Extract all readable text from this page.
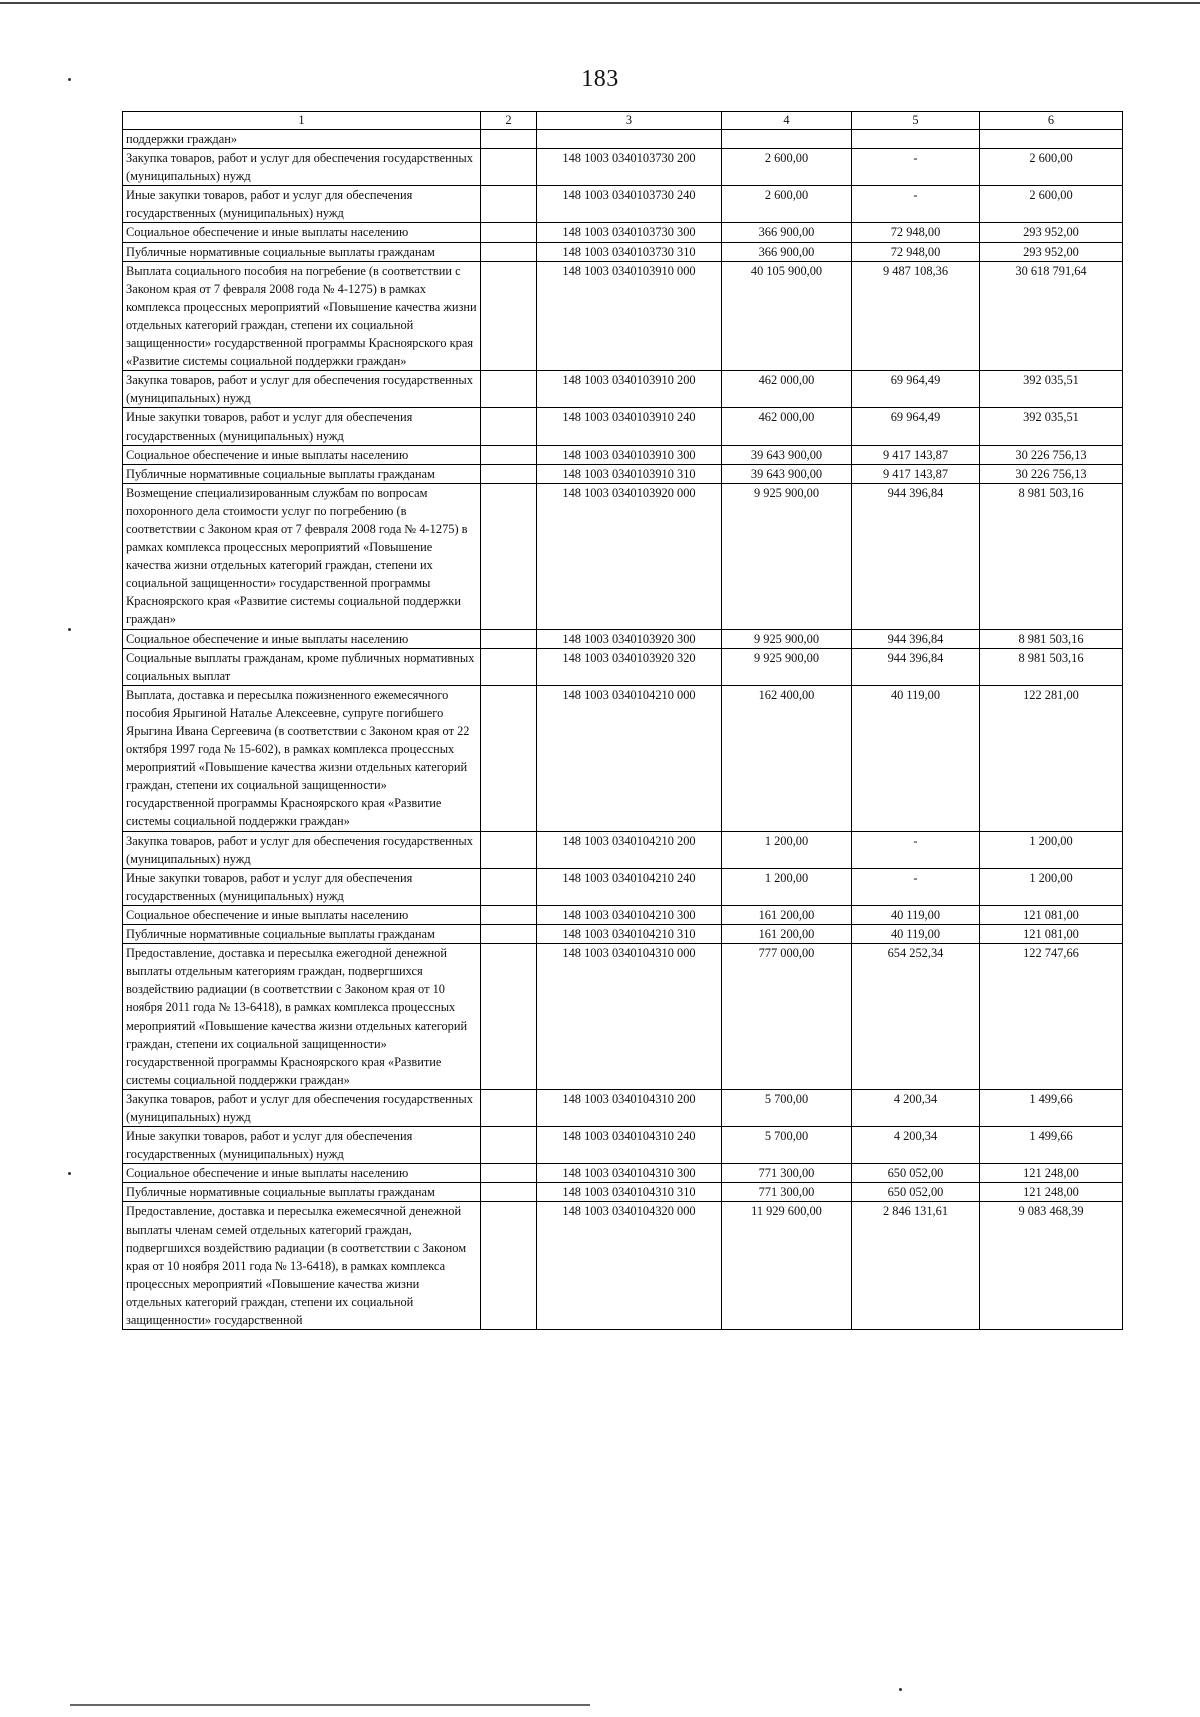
183
1	2	3	4	5	6
поддержки граждан»					
Закупка товаров, работ и услуг для обеспечения государственных (муниципальных) нужд		148 1003 0340103730 200	2 600,00	-	2 600,00
Иные закупки товаров, работ и услуг для обеспечения государственных (муниципальных) нужд		148 1003 0340103730 240	2 600,00	-	2 600,00
Социальное обеспечение и иные выплаты населению		148 1003 0340103730 300	366 900,00	72 948,00	293 952,00
Публичные нормативные социальные выплаты гражданам		148 1003 0340103730 310	366 900,00	72 948,00	293 952,00
Выплата социального пособия на погребение (в соответствии с Законом края от 7 февраля 2008 года № 4-1275) в рамках комплекса процессных мероприятий «Повышение качества жизни отдельных категорий граждан, степени их социальной защищенности» государственной программы Красноярского края «Развитие системы социальной поддержки граждан»		148 1003 0340103910 000	40 105 900,00	9 487 108,36	30 618 791,64
Закупка товаров, работ и услуг для обеспечения государственных (муниципальных) нужд		148 1003 0340103910 200	462 000,00	69 964,49	392 035,51
Иные закупки товаров, работ и услуг для обеспечения государственных (муниципальных) нужд		148 1003 0340103910 240	462 000,00	69 964,49	392 035,51
Социальное обеспечение и иные выплаты населению		148 1003 0340103910 300	39 643 900,00	9 417 143,87	30 226 756,13
Публичные нормативные социальные выплаты гражданам		148 1003 0340103910 310	39 643 900,00	9 417 143,87	30 226 756,13
Возмещение специализированным службам по вопросам похоронного дела стоимости услуг по погребению (в соответствии с Законом края от 7 февраля 2008 года № 4-1275) в рамках комплекса процессных мероприятий «Повышение качества жизни отдельных категорий граждан, степени их социальной защищенности» государственной программы Красноярского края «Развитие системы социальной поддержки граждан»		148 1003 0340103920 000	9 925 900,00	944 396,84	8 981 503,16
Социальное обеспечение и иные выплаты населению		148 1003 0340103920 300	9 925 900,00	944 396,84	8 981 503,16
Социальные выплаты гражданам, кроме публичных нормативных социальных выплат		148 1003 0340103920 320	9 925 900,00	944 396,84	8 981 503,16
Выплата, доставка и пересылка пожизненного ежемесячного пособия Ярыгиной Наталье Алексеевне, супруге погибшего Ярыгина Ивана Сергеевича (в соответствии с Законом края от 22 октября 1997 года № 15-602), в рамках комплекса процессных мероприятий «Повышение качества жизни отдельных категорий граждан, степени их социальной защищенности» государственной программы Красноярского края «Развитие системы социальной поддержки граждан»		148 1003 0340104210 000	162 400,00	40 119,00	122 281,00
Закупка товаров, работ и услуг для обеспечения государственных (муниципальных) нужд		148 1003 0340104210 200	1 200,00	-	1 200,00
Иные закупки товаров, работ и услуг для обеспечения государственных (муниципальных) нужд		148 1003 0340104210 240	1 200,00	-	1 200,00
Социальное обеспечение и иные выплаты населению		148 1003 0340104210 300	161 200,00	40 119,00	121 081,00
Публичные нормативные социальные выплаты гражданам		148 1003 0340104210 310	161 200,00	40 119,00	121 081,00
Предоставление, доставка и пересылка ежегодной денежной выплаты отдельным категориям граждан, подвергшихся воздействию радиации (в соответствии с Законом края от 10 ноября 2011 года № 13-6418), в рамках комплекса процессных мероприятий «Повышение качества жизни отдельных категорий граждан, степени их социальной защищенности» государственной программы Красноярского края «Развитие системы социальной поддержки граждан»		148 1003 0340104310 000	777 000,00	654 252,34	122 747,66
Закупка товаров, работ и услуг для обеспечения государственных (муниципальных) нужд		148 1003 0340104310 200	5 700,00	4 200,34	1 499,66
Иные закупки товаров, работ и услуг для обеспечения государственных (муниципальных) нужд		148 1003 0340104310 240	5 700,00	4 200,34	1 499,66
Социальное обеспечение и иные выплаты населению		148 1003 0340104310 300	771 300,00	650 052,00	121 248,00
Публичные нормативные социальные выплаты гражданам		148 1003 0340104310 310	771 300,00	650 052,00	121 248,00
Предоставление, доставка и пересылка ежемесячной денежной выплаты членам семей отдельных категорий граждан, подвергшихся воздействию радиации (в соответствии с Законом края от 10 ноября 2011 года № 13-6418), в рамках комплекса процессных мероприятий «Повышение качества жизни отдельных категорий граждан, степени их социальной защищенности» государственной		148 1003 0340104320 000	11 929 600,00	2 846 131,61	9 083 468,39
